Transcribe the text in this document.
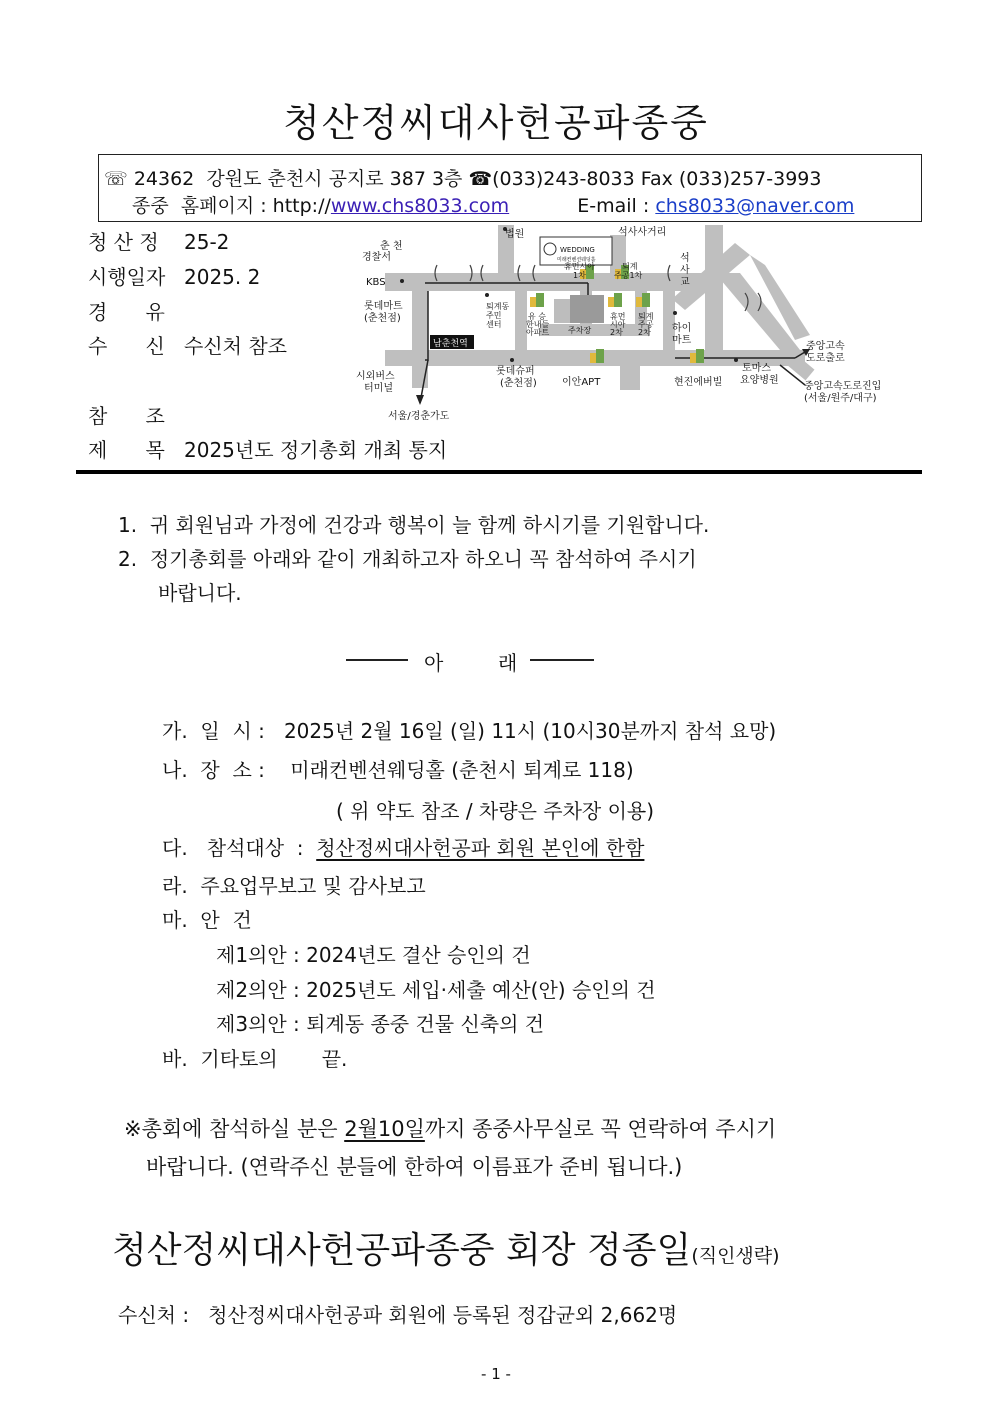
청산정씨대사헌공파종중
☏ 24362 강원도 춘천시 공지로 387 3층 ☎(033)243-8033 Fax (033)257-3993
종중  홈페이지 : http://www.chs8033.com	E-mail : chs8033@naver.com
청 산 정 25-2
시행일자 2025. 2
경      유
수      신 수신처 참조
참      조
제      목 2025년도 정기총회 개최 통지
법원	석사사거리
춘 천
경찰서
KBS
WEDDING
미래컨벤션웨딩홀
휴먼시아
1차
퇴계
주공1차
석
사
교
롯데마트
(춘천점)
퇴계동
주민
센터
유 승
한내들
아파트 주차장
휴먼
시아
2차
퇴계
주공
2차 하이
마트
중앙고속
도로출로
남춘천역
시외버스
터미널
롯데슈퍼
(춘천점)	이안APT	현진에버빌
토마스
요양병원
중앙고속도로진입
(서울/원주/대구)
서울/경춘가도
1. 귀 회원님과 가정에 건강과 행복이 늘 함께 하시기를 기원합니다.
2. 정기총회를 아래와 같이 개최하고자 하오니 꼭 참석하여 주시기
바랍니다.
아	래
가. 일  시 : 2025년 2월 16일 (일) 11시 (10시30분까지 참석 요망)
나. 장  소 : 미래컨벤션웨딩홀 (춘천시 퇴계로 118)
( 위 약도 참조 / 차량은 주차장 이용)
다. 참석대상  : 청산정씨대사헌공파 회원 본인에 한함
라. 주요업무보고 및 감사보고
마. 안  건
제1의안 : 2024년도 결산 승인의 건
제2의안 : 2025년도 세입·세출 예산(안) 승인의 건
제3의안 : 퇴계동 종중 건물 신축의 건
바. 기타토의 끝.
※총회에 참석하실 분은 2월10일까지 종중사무실로 꼭 연락하여 주시기
바랍니다. (연락주신 분들에 한하여 이름표가 준비 됩니다.)
청산정씨대사헌공파종중 회장 정종일(직인생략)
수신처 : 청산정씨대사헌공파 회원에 등록된 정갑균외 2,662명
- 1 -
